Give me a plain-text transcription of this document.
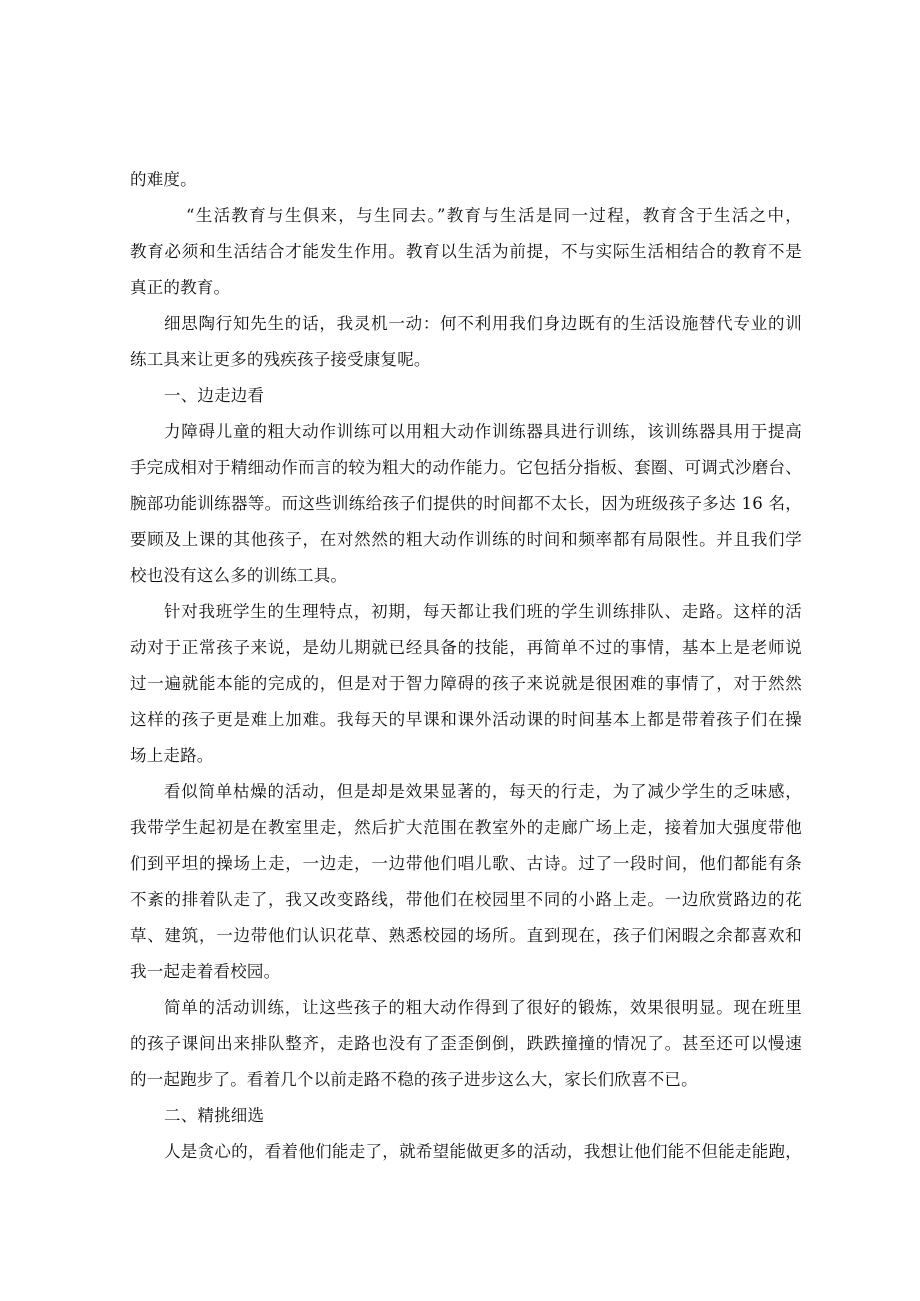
的难度。
“生活教育与生俱来，与生同去。”教育与生活是同一过程，教育含于生活之中，
教育必须和生活结合才能发生作用。教育以生活为前提，不与实际生活相结合的教育不是
真正的教育。
细思陶行知先生的话，我灵机一动：何不利用我们身边既有的生活设施替代专业的训
练工具来让更多的残疾孩子接受康复呢。
一、边走边看
力障碍儿童的粗大动作训练可以用粗大动作训练器具进行训练，该训练器具用于提高
手完成相对于精细动作而言的较为粗大的动作能力。它包括分指板、套圈、可调式沙磨台、
腕部功能训练器等。而这些训练给孩子们提供的时间都不太长，因为班级孩子多达 16 名，
要顾及上课的其他孩子，在对然然的粗大动作训练的时间和频率都有局限性。并且我们学
校也没有这么多的训练工具。
针对我班学生的生理特点，初期，每天都让我们班的学生训练排队、走路。这样的活
动对于正常孩子来说，是幼儿期就已经具备的技能，再简单不过的事情，基本上是老师说
过一遍就能本能的完成的，但是对于智力障碍的孩子来说就是很困难的事情了，对于然然
这样的孩子更是难上加难。我每天的早课和课外活动课的时间基本上都是带着孩子们在操
场上走路。
看似简单枯燥的活动，但是却是效果显著的，每天的行走，为了减少学生的乏味感，
我带学生起初是在教室里走，然后扩大范围在教室外的走廊广场上走，接着加大强度带他
们到平坦的操场上走，一边走，一边带他们唱儿歌、古诗。过了一段时间，他们都能有条
不紊的排着队走了，我又改变路线，带他们在校园里不同的小路上走。一边欣赏路边的花
草、建筑，一边带他们认识花草、熟悉校园的场所。直到现在，孩子们闲暇之余都喜欢和
我一起走着看校园。
简单的活动训练，让这些孩子的粗大动作得到了很好的锻炼，效果很明显。现在班里
的孩子课间出来排队整齐，走路也没有了歪歪倒倒，跌跌撞撞的情况了。甚至还可以慢速
的一起跑步了。看着几个以前走路不稳的孩子进步这么大，家长们欣喜不已。
二、精挑细选
人是贪心的，看着他们能走了，就希望能做更多的活动，我想让他们能不但能走能跑，
